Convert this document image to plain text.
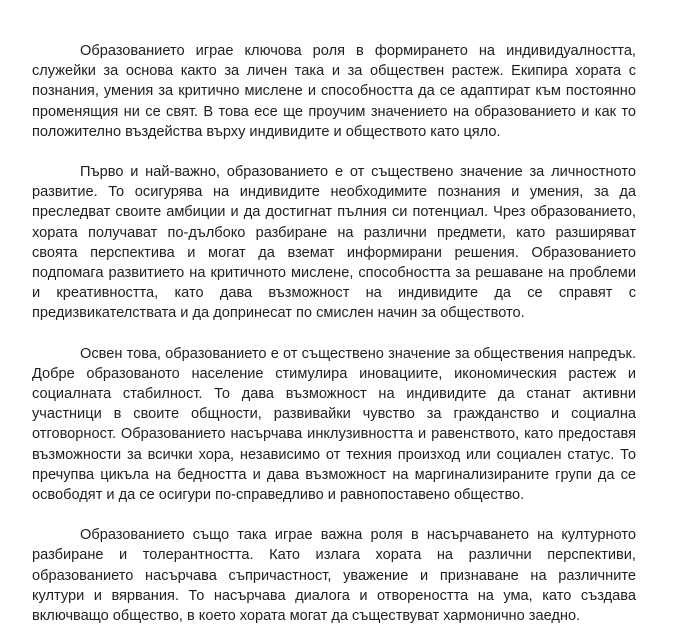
Образованието играе ключова роля в формирането на индивидуалността, служейки за основа както за личен така и за обществен растеж. Екипира хората с познания, умения за критично мислене и способността да се адаптират към постоянно променящия ни се свят. В това есе ще проучим значението на образованието и как то положително въздейства върху индивидите и обществото като цяло.

Първо и най-важно, образованието е от съществено значение за личностното развитие. То осигурява на индивидите необходимите познания и умения, за да преследват своите амбиции и да достигнат пълния си потенциал. Чрез образованието, хората получават по-дълбоко разбиране на различни предмети, като разширяват своята перспектива и могат да вземат информирани решения. Образованието подпомага развитието на критичното мислене, способността за решаване на проблеми и креативността, като дава възможност на индивидите да се справят с предизвикателствата и да допринесат по смислен начин за обществото.

Освен това, образованието е от съществено значение за обществения напредък. Добре образованото население стимулира иновациите, икономическия растеж и социалната стабилност. То дава възможност на индивидите да станат активни участници в своите общности, развивайки чувство за гражданство и социална отговорност. Образованието насърчава инклузивността и равенството, като предоставя възможности за всички хора, независимо от техния произход или социален статус. То пречупва цикъла на бедността и дава възможност на маргинализираните групи да се освободят и да се осигури по-справедливо и равнопоставено общество.

Образованието също така играе важна роля в насърчаването на културното разбиране и толерантността. Като излага хората на различни перспективи, образованието насърчава съпричастност, уважение и признаване на различните култури и вярвания. То насърчава диалога и отвореността на ума, като създава включващо общество, в което хората могат да съществуват хармонично заедно.
